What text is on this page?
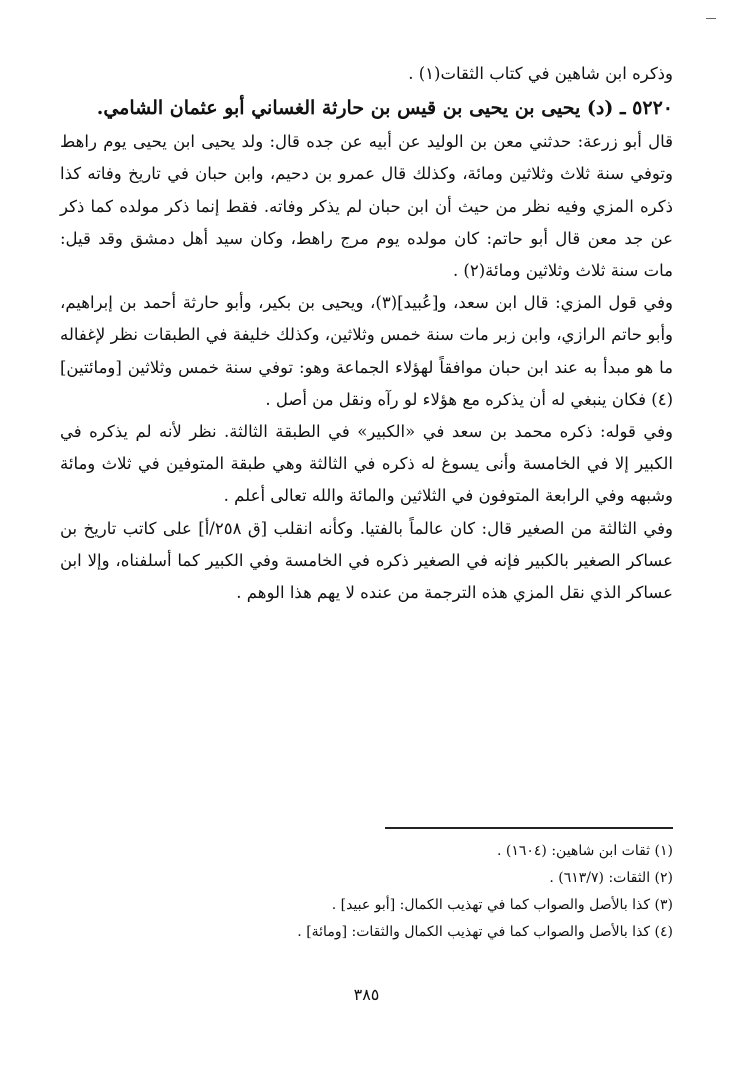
وذكره ابن شاهين في كتاب الثقات(١) .

٥٢٢٠ ـ (د) يحيى بن يحيى بن قيس بن حارثة الغساني أبو عثمان الشامي.

قال أبو زرعة: حدثني معن بن الوليد عن أبيه عن جده قال: ولد يحيى ابن يحيى يوم راهط وتوفي سنة ثلاث وثلاثين ومائة، وكذلك قال عمرو بن دحيم، وابن حبان في تاريخ وفاته كذا ذكره المزي وفيه نظر من حيث أن ابن حبان لم يذكر وفاته. فقط إنما ذكر مولده كما ذكر عن جد معن قال أبو حاتم: كان مولده يوم مرج راهط، وكان سيد أهل دمشق وقد قيل: مات سنة ثلاث وثلاثين ومائة(٢) .

وفي قول المزي: قال ابن سعد، و[عُبيد](٣)، ويحيى بن بكير، وأبو حارثة أحمد بن إبراهيم، وأبو حاتم الرازي، وابن زبر مات سنة خمس وثلاثين، وكذلك خليفة في الطبقات نظر لإغفاله ما هو مبدأ به عند ابن حبان موافقاً لهؤلاء الجماعة وهو: توفي سنة خمس وثلاثين [ومائتين](٤) فكان ينبغي له أن يذكره مع هؤلاء لو رآه ونقل من أصل .

وفي قوله: ذكره محمد بن سعد في «الكبير» في الطبقة الثالثة. نظر لأنه لم يذكره في الكبير إلا في الخامسة وأنى يسوغ له ذكره في الثالثة وهي طبقة المتوفين في ثلاث ومائة وشبهه وفي الرابعة المتوفون في الثلاثين والمائة والله تعالى أعلم .

وفي الثالثة من الصغير قال: كان عالماً بالفتيا. وكأنه انقلب [ق ٢٥٨/أ] على كاتب تاريخ بن عساكر الصغير بالكبير فإنه في الصغير ذكره في الخامسة وفي الكبير كما أسلفناه، وإلا ابن عساكر الذي نقل المزي هذه الترجمة من عنده لا يهم هذا الوهم .

(١) ثقات ابن شاهين: (١٦٠٤) .

(٢) الثقات: (٦١٣/٧) .

(٣) كذا بالأصل والصواب كما في تهذيب الكمال: [أبو عبيد] .

(٤) كذا بالأصل والصواب كما في تهذيب الكمال والثقات: [ومائة] .

٣٨٥
